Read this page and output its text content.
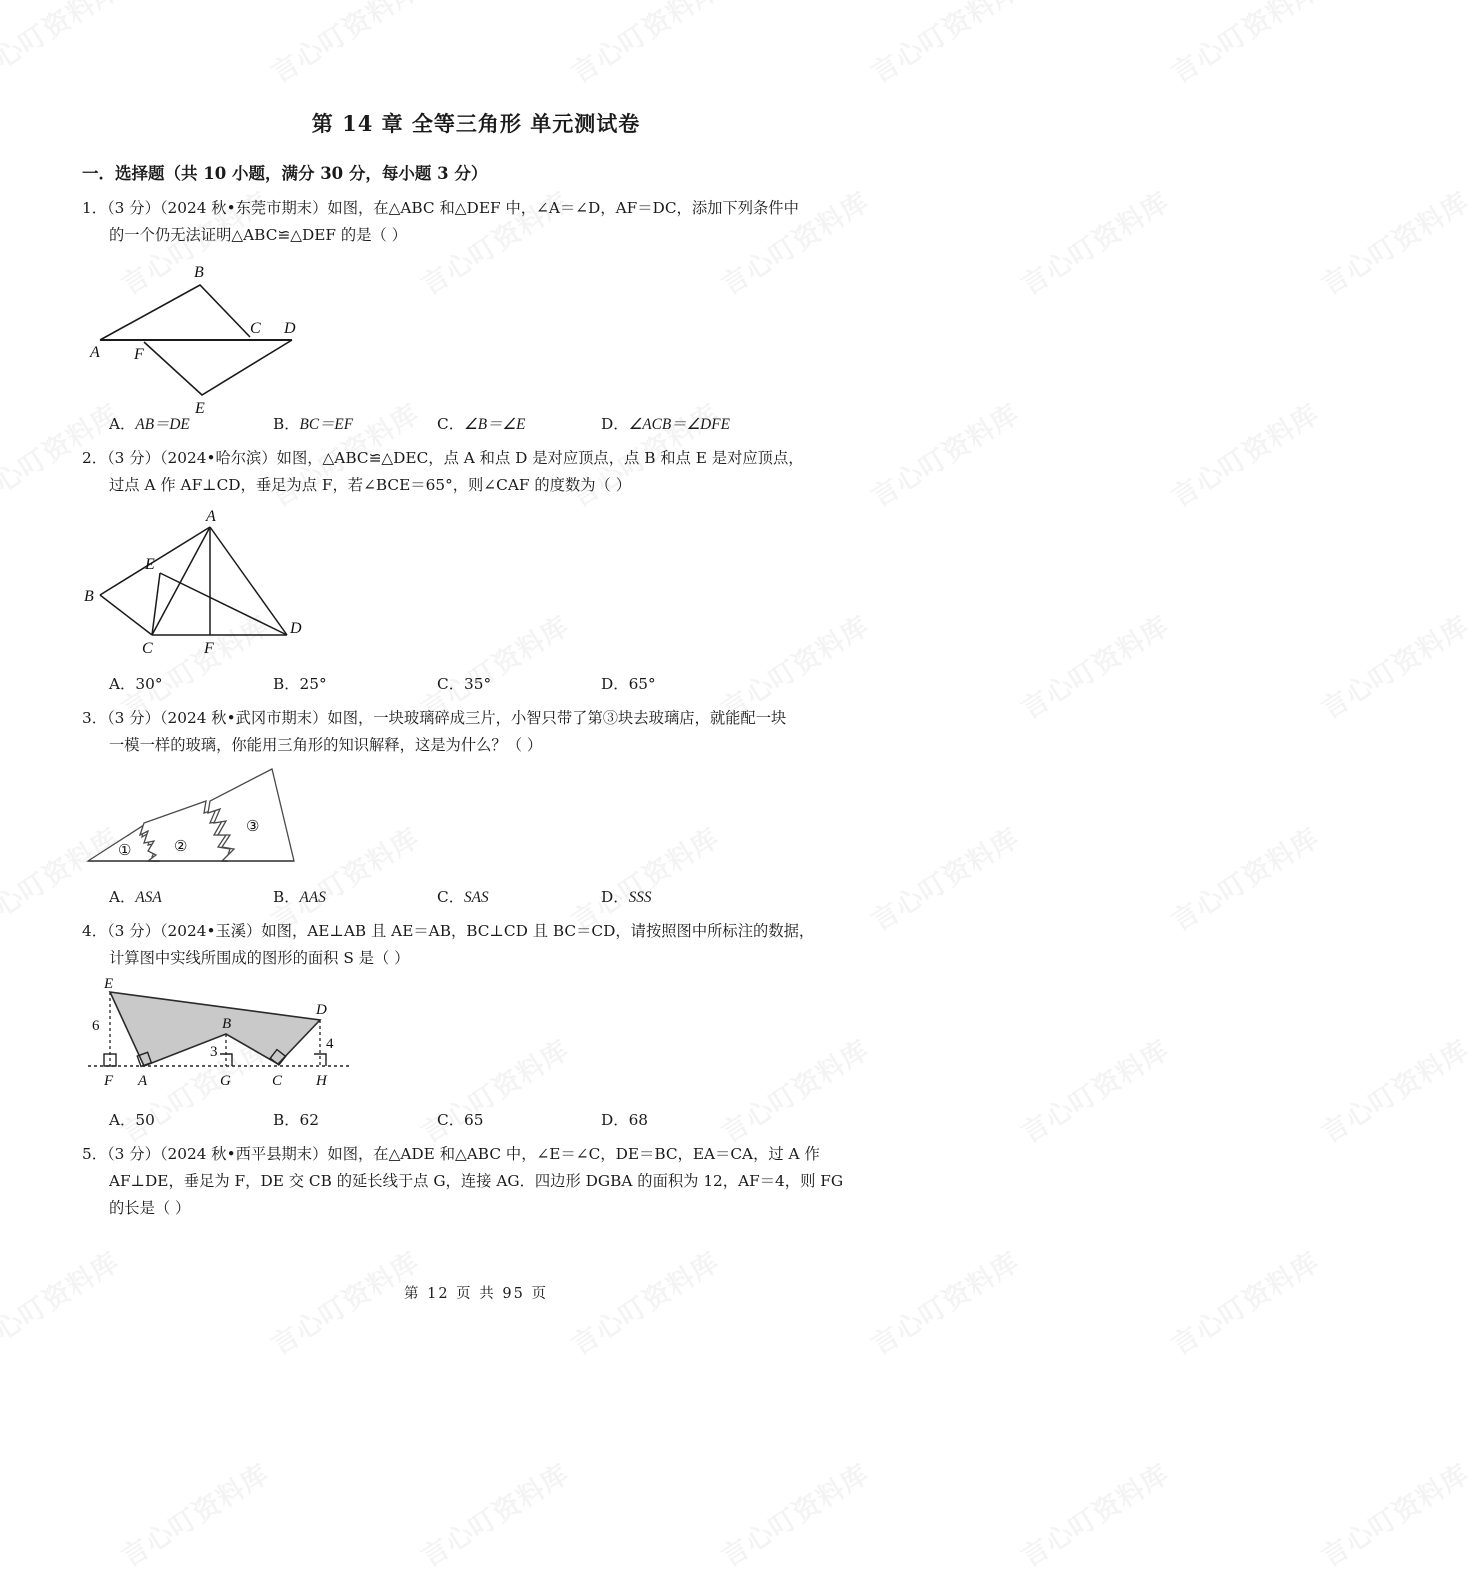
第 14 章 全等三角形 单元测试卷
一．选择题（共 10 小题，满分 30 分，每小题 3 分）
1．（3 分）（2024 秋•东莞市期末）如图，在△ABC 和△DEF 中，∠A＝∠D，AF＝DC，添加下列条件中
的一个仍无法证明△ABC≌△DEF 的是（ ）
B
C D
A F
E
A．AB＝DE	B．BC＝EF	C．∠B＝∠E	D．∠ACB＝∠DFE
2．（3 分）（2024•哈尔滨）如图，△ABC≌△DEC，点 A 和点 D 是对应顶点，点 B 和点 E 是对应顶点，
过点 A 作 AF⊥CD，垂足为点 F，若∠BCE＝65°，则∠CAF 的度数为（ ）
A
E
B
C	F
D
A．30°	B．25°	C．35°	D．65°
3．（3 分）（2024 秋•武冈市期末）如图，一块玻璃碎成三片，小智只带了第③块去玻璃店，就能配一块
一模一样的玻璃，你能用三角形的知识解释，这是为什么？（ ）
①	②
③
A．ASA	B．AAS	C．SAS	D．SSS
4．（3 分）（2024•玉溪）如图，AE⊥AB 且 AE＝AB，BC⊥CD 且 BC＝CD，请按照图中所标注的数据，
计算图中实线所围成的图形的面积 S 是（ ）
E
D
B
F A	G	C H
6
3	4
A．50	B．62	C．65	D．68
5．（3 分）（2024 秋•西平县期末）如图，在△ADE 和△ABC 中，∠E＝∠C，DE＝BC，EA＝CA，过 A 作
AF⊥DE，垂足为 F，DE 交 CB 的延长线于点 G，连接 AG．四边形 DGBA 的面积为 12，AF＝4，则 FG
的长是（ ）
第 12 页 共 95 页
